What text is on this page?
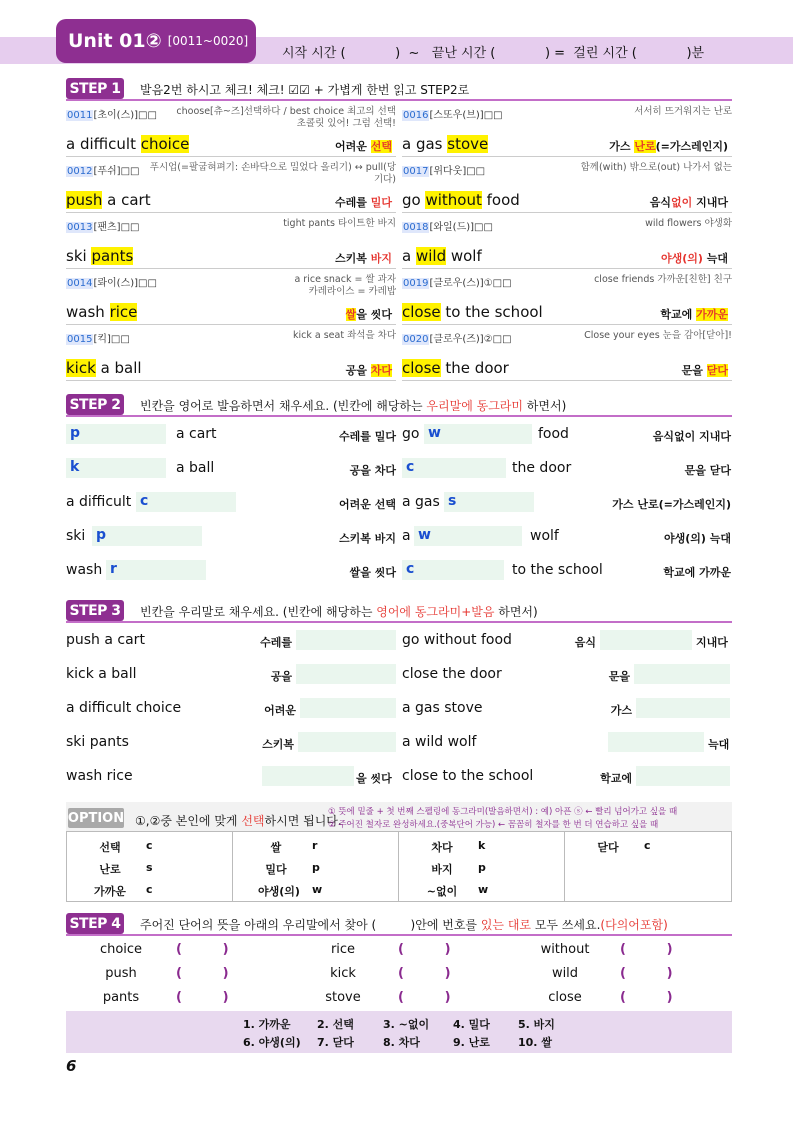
Unit 01② [0011~0020]
시작 시간 (            )  ~   끝난 시간 (            ) =  걸린 시간 (            )분
STEP 1 발음2번 하시고 체크! 체크! ☑☑ + 가볍게 한번 읽고 STEP2로
0011[초이(스)]□□	choose[츄~즈]선택하다 / best choice 최고의 선택
초콜릿 있어! 그럼 선택!
a difficult choice	어려운 선택
0012[푸쉬]□□	푸시업(=팔굽혀펴기: 손바닥으로 밀었다 올리기) ↔ pull(당기다)
push a cart	수레를 밀다
0013[팬츠]□□	tight pants 타이트한 바지
ski pants	스키복 바지
0014[롸이(스)]□□	a rice snack = 쌀 과자
카레라이스 = 카레밥
wash rice	쌀을 씻다
0015[킥]□□	kick a seat 좌석을 차다
kick a ball	공을 차다
0016[스또우(브)]□□	서서히 뜨거워지는 난로
a gas stove	가스 난로(=가스레인지)
0017[위다웃]□□	함께(with) 밖으로(out) 나가서 없는
go without food	음식없이 지내다
0018[와일(드)]□□	wild flowers 야생화
a wild wolf	야생(의) 늑대
0019[클로우(스)]①□□	close friends 가까운[친한] 친구
close to the school	학교에 가까운
0020[클로우(즈)]②□□	Close your eyes 눈을 감아[닫아]!
close the door	문을 닫다
STEP 2 빈칸을 영어로 발음하면서 채우세요. (빈칸에 해당하는 우리말에 동그라미 하면서)
p	a cart	수레를 밀다
k	a ball	공을 차다
a difficult c	어려운 선택
ski p	스키복 바지
wash r	쌀을 씻다
go w	food	음식없이 지내다
c	the door	문을 닫다
a gas s	가스 난로(=가스레인지)
a w	wolf	야생(의) 늑대
c	to the school	학교에 가까운
STEP 3 빈칸을 우리말로 채우세요. (빈칸에 해당하는 영어에 동그라미+발음 하면서)
push a cart	수레를
kick a ball	공을
a difficult choice	어려운
ski pants	스키복
wash rice	을 씻다
go without food	음식	지내다
close the door	문을
a gas stove	가스
a wild wolf	늑대
close to the school	학교에
OPTION ①,②중 본인에 맞게 선택하시면 됩니다.
① 뜻에 밑줄 + 첫 번째 스펠링에 동그라미(발음하면서) : 예) 아픈 ⓢ ← 빨리 넘어가고 싶을 때
② 주어진 철자로 완성하세요.(중복단어 가능) ← 꼼꼼히 철자를 한 번 더 연습하고 싶을 때
선택	c
난로	s
가까운 c
쌀	r
밀다	p
야생(의) w
차다	k
바지	p
~없이 w
닫다	c
STEP 4 주어진 단어의 뜻을 아래의 우리말에서 찾아 (         )안에 번호를 있는 대로 모두 쓰세요.(다의어포함)
choice	(         )	rice	(         )	without	(         )
push	(         )	kick	(         )	wild	(         )
pants	(         )	stove	(         )	close	(         )
1. 가까운 2. 선택	3. ~없이 4. 밀다	5. 바지
6. 야생(의) 7. 닫다	8. 차다	9. 난로	10. 쌀
6
